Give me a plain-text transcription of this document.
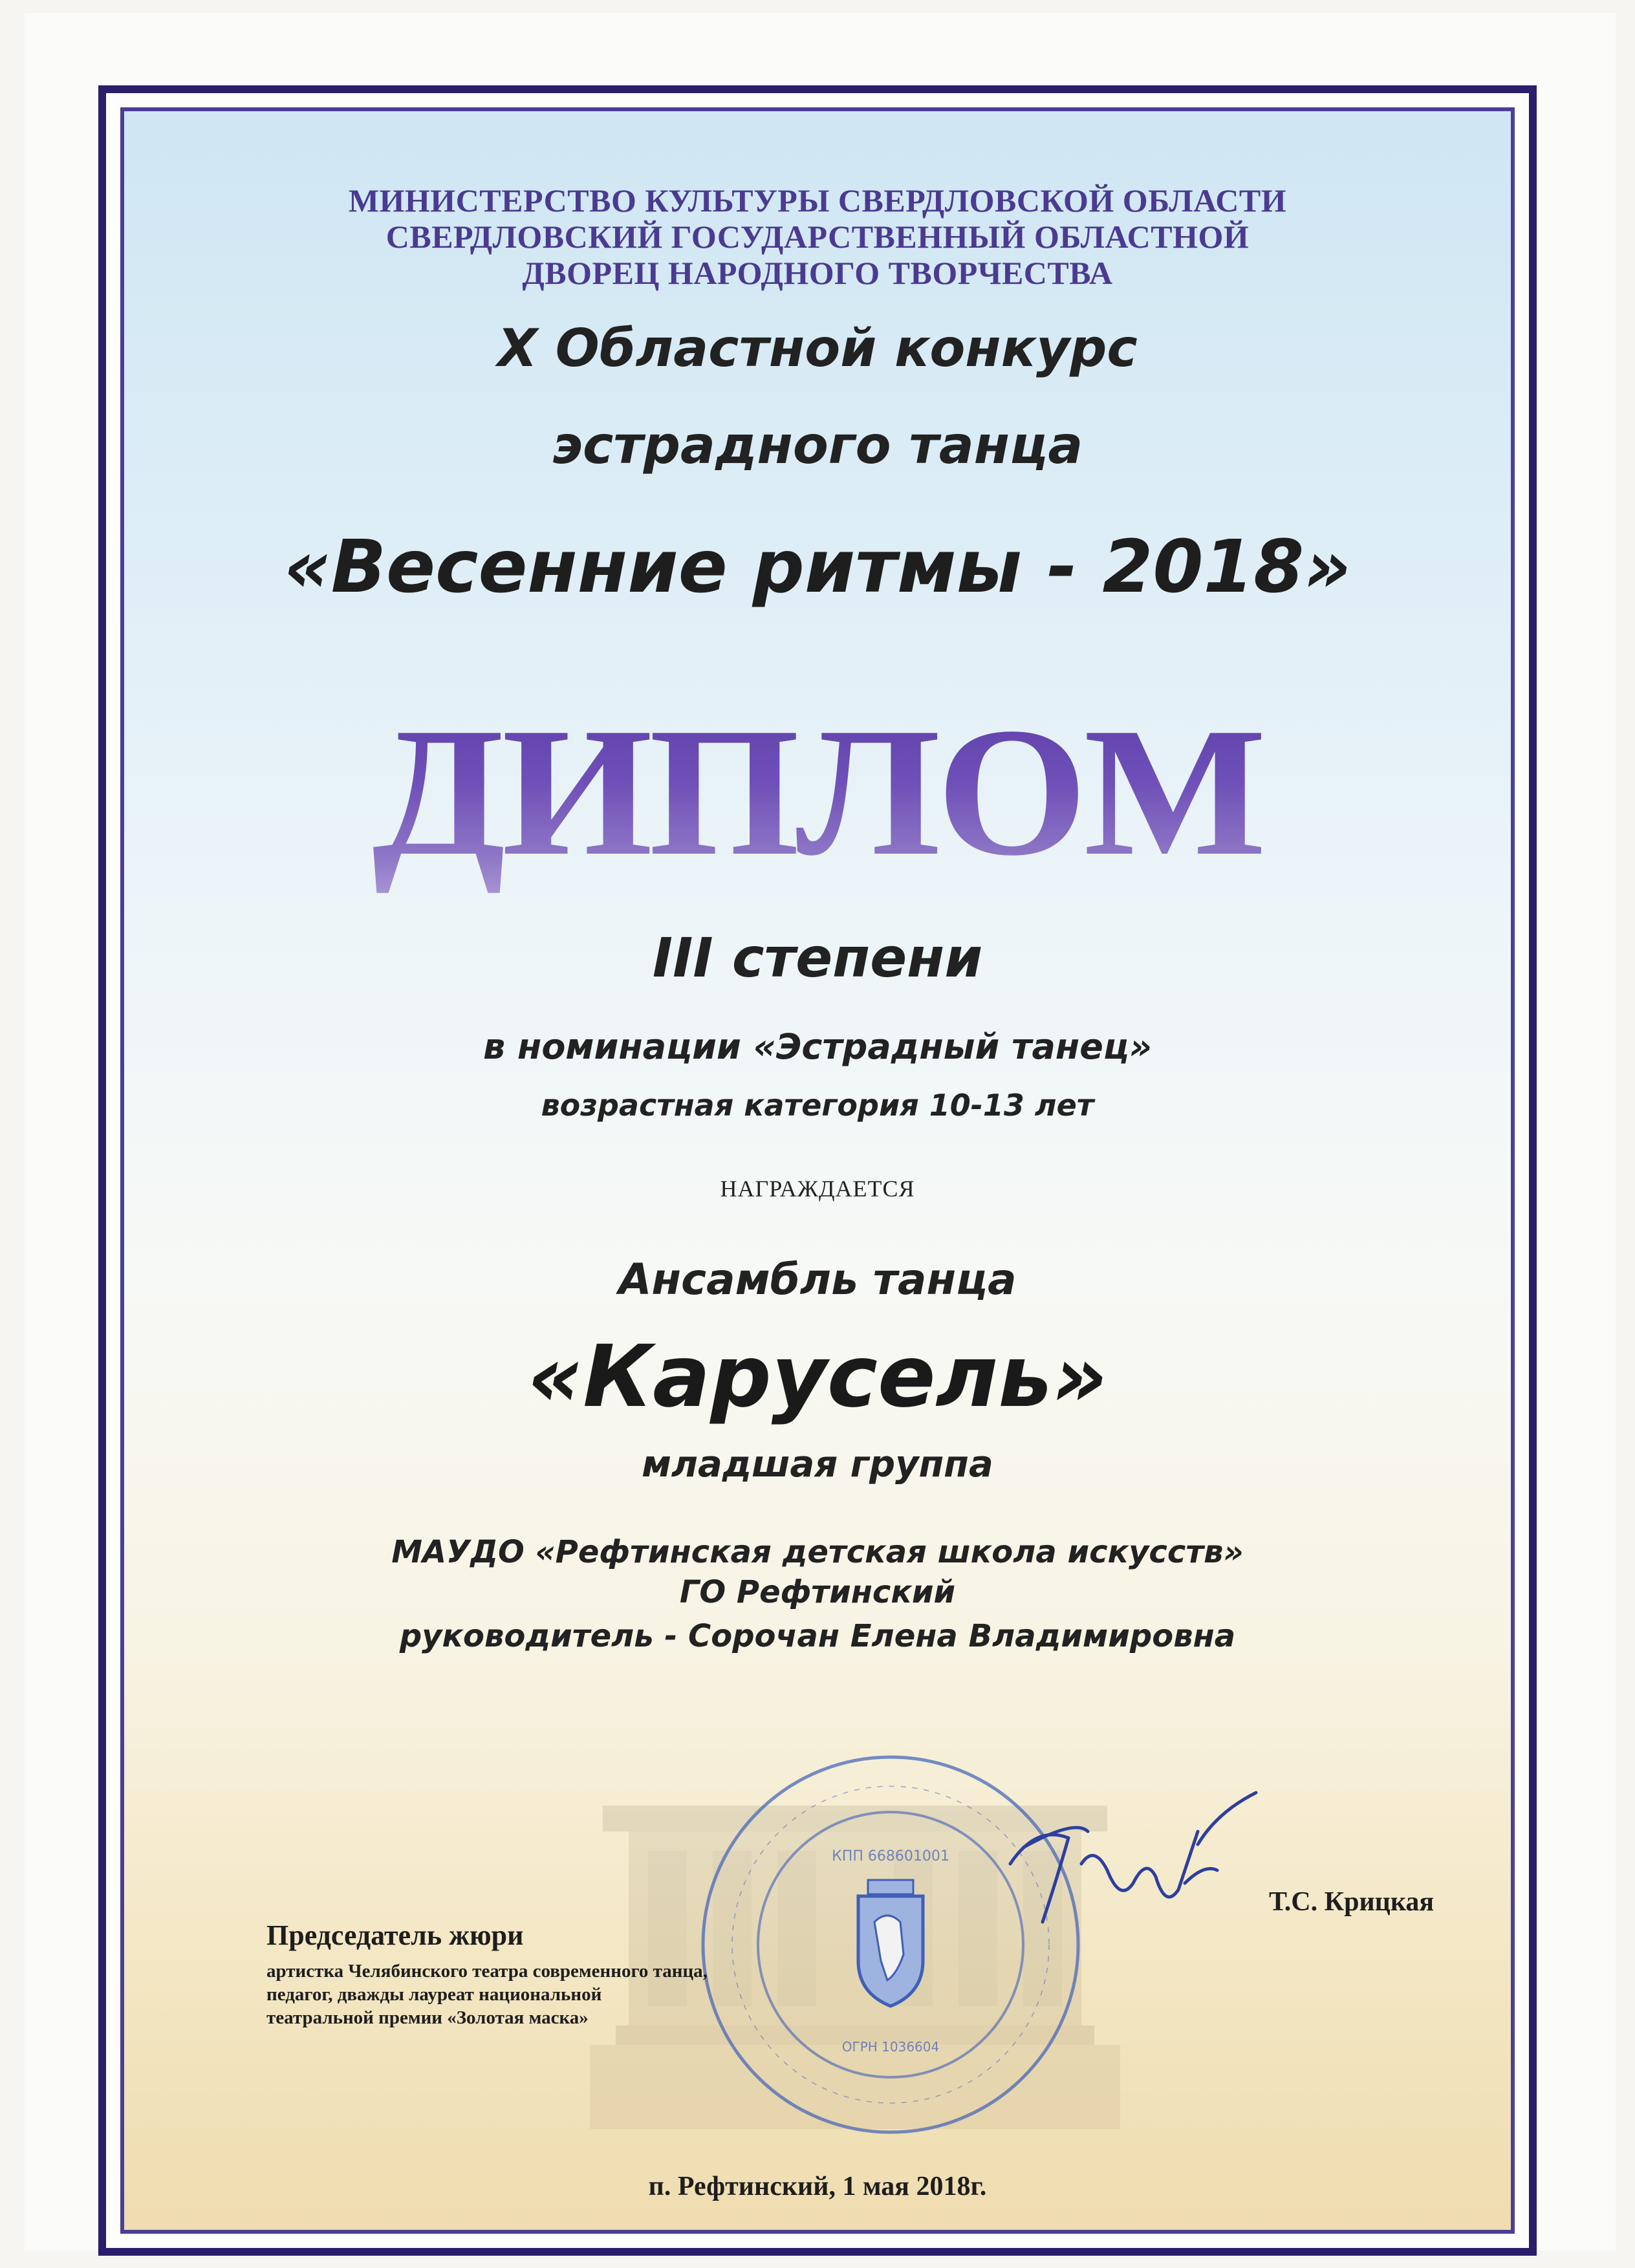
МИНИСТЕРСТВО КУЛЬТУРЫ СВЕРДЛОВСКОЙ ОБЛАСТИ
СВЕРДЛОВСКИЙ ГОСУДАРСТВЕННЫЙ ОБЛАСТНОЙ
ДВОРЕЦ НАРОДНОГО ТВОРЧЕСТВА
X Областной конкурс
эстрадного танца
«Весенние ритмы - 2018»
ДИПЛОМ
III степени
в номинации «Эстрадный танец»
возрастная категория 10-13 лет
НАГРАЖДАЕТСЯ
Ансамбль танца
«Карусель»
младшая группа
МАУДО «Рефтинская детская школа искусств»
ГО Рефтинский
руководитель - Сорочан Елена Владимировна
КПП 668601001
ОГРН 1036604
Председатель жюри
артистка Челябинского театра современного танца,
педагог, дважды лауреат национальной
театральной премии «Золотая маска»
Т.С. Крицкая
п. Рефтинский, 1 мая 2018г.
